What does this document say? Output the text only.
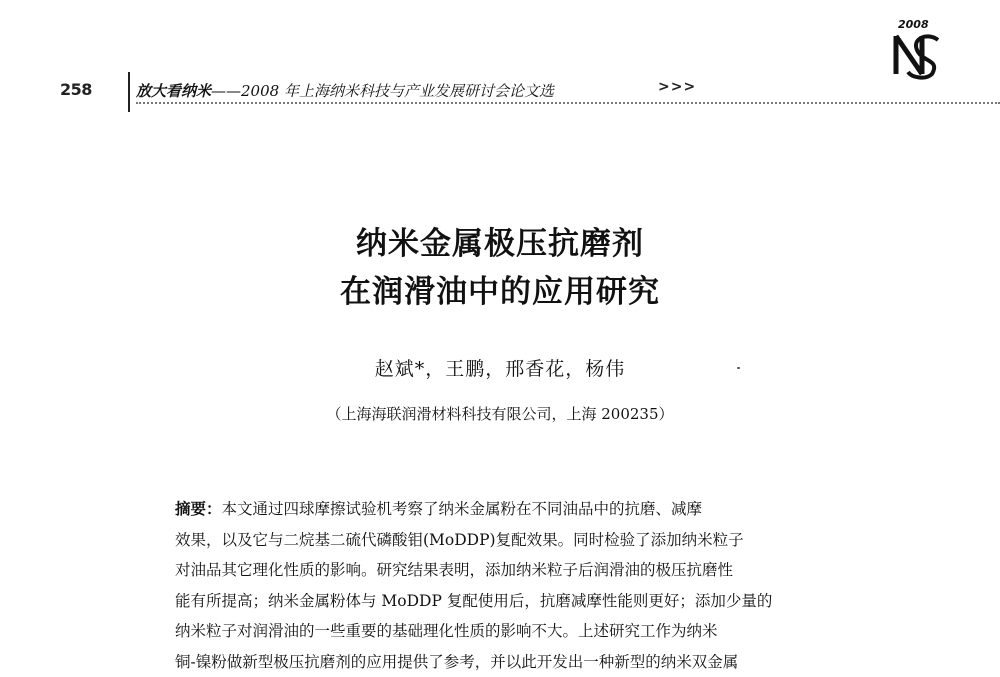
258	放大看纳米——2008 年上海纳米科技与产业发展研讨会论文选	>>>
2008
纳米金属极压抗磨剂
在润滑油中的应用研究
赵斌*，王鹏，邢香花，杨伟
（上海海联润滑材料科技有限公司，上海 200235）
摘要：本文通过四球摩擦试验机考察了纳米金属粉在不同油品中的抗磨、减摩
效果，以及它与二烷基二硫代磷酸钼(MoDDP)复配效果。同时检验了添加纳米粒子
对油品其它理化性质的影响。研究结果表明，添加纳米粒子后润滑油的极压抗磨性
能有所提高；纳米金属粉体与 MoDDP 复配使用后，抗磨减摩性能则更好；添加少量的
纳米粒子对润滑油的一些重要的基础理化性质的影响不大。上述研究工作为纳米
铜-镍粉做新型极压抗磨剂的应用提供了参考，并以此开发出一种新型的纳米双金属
